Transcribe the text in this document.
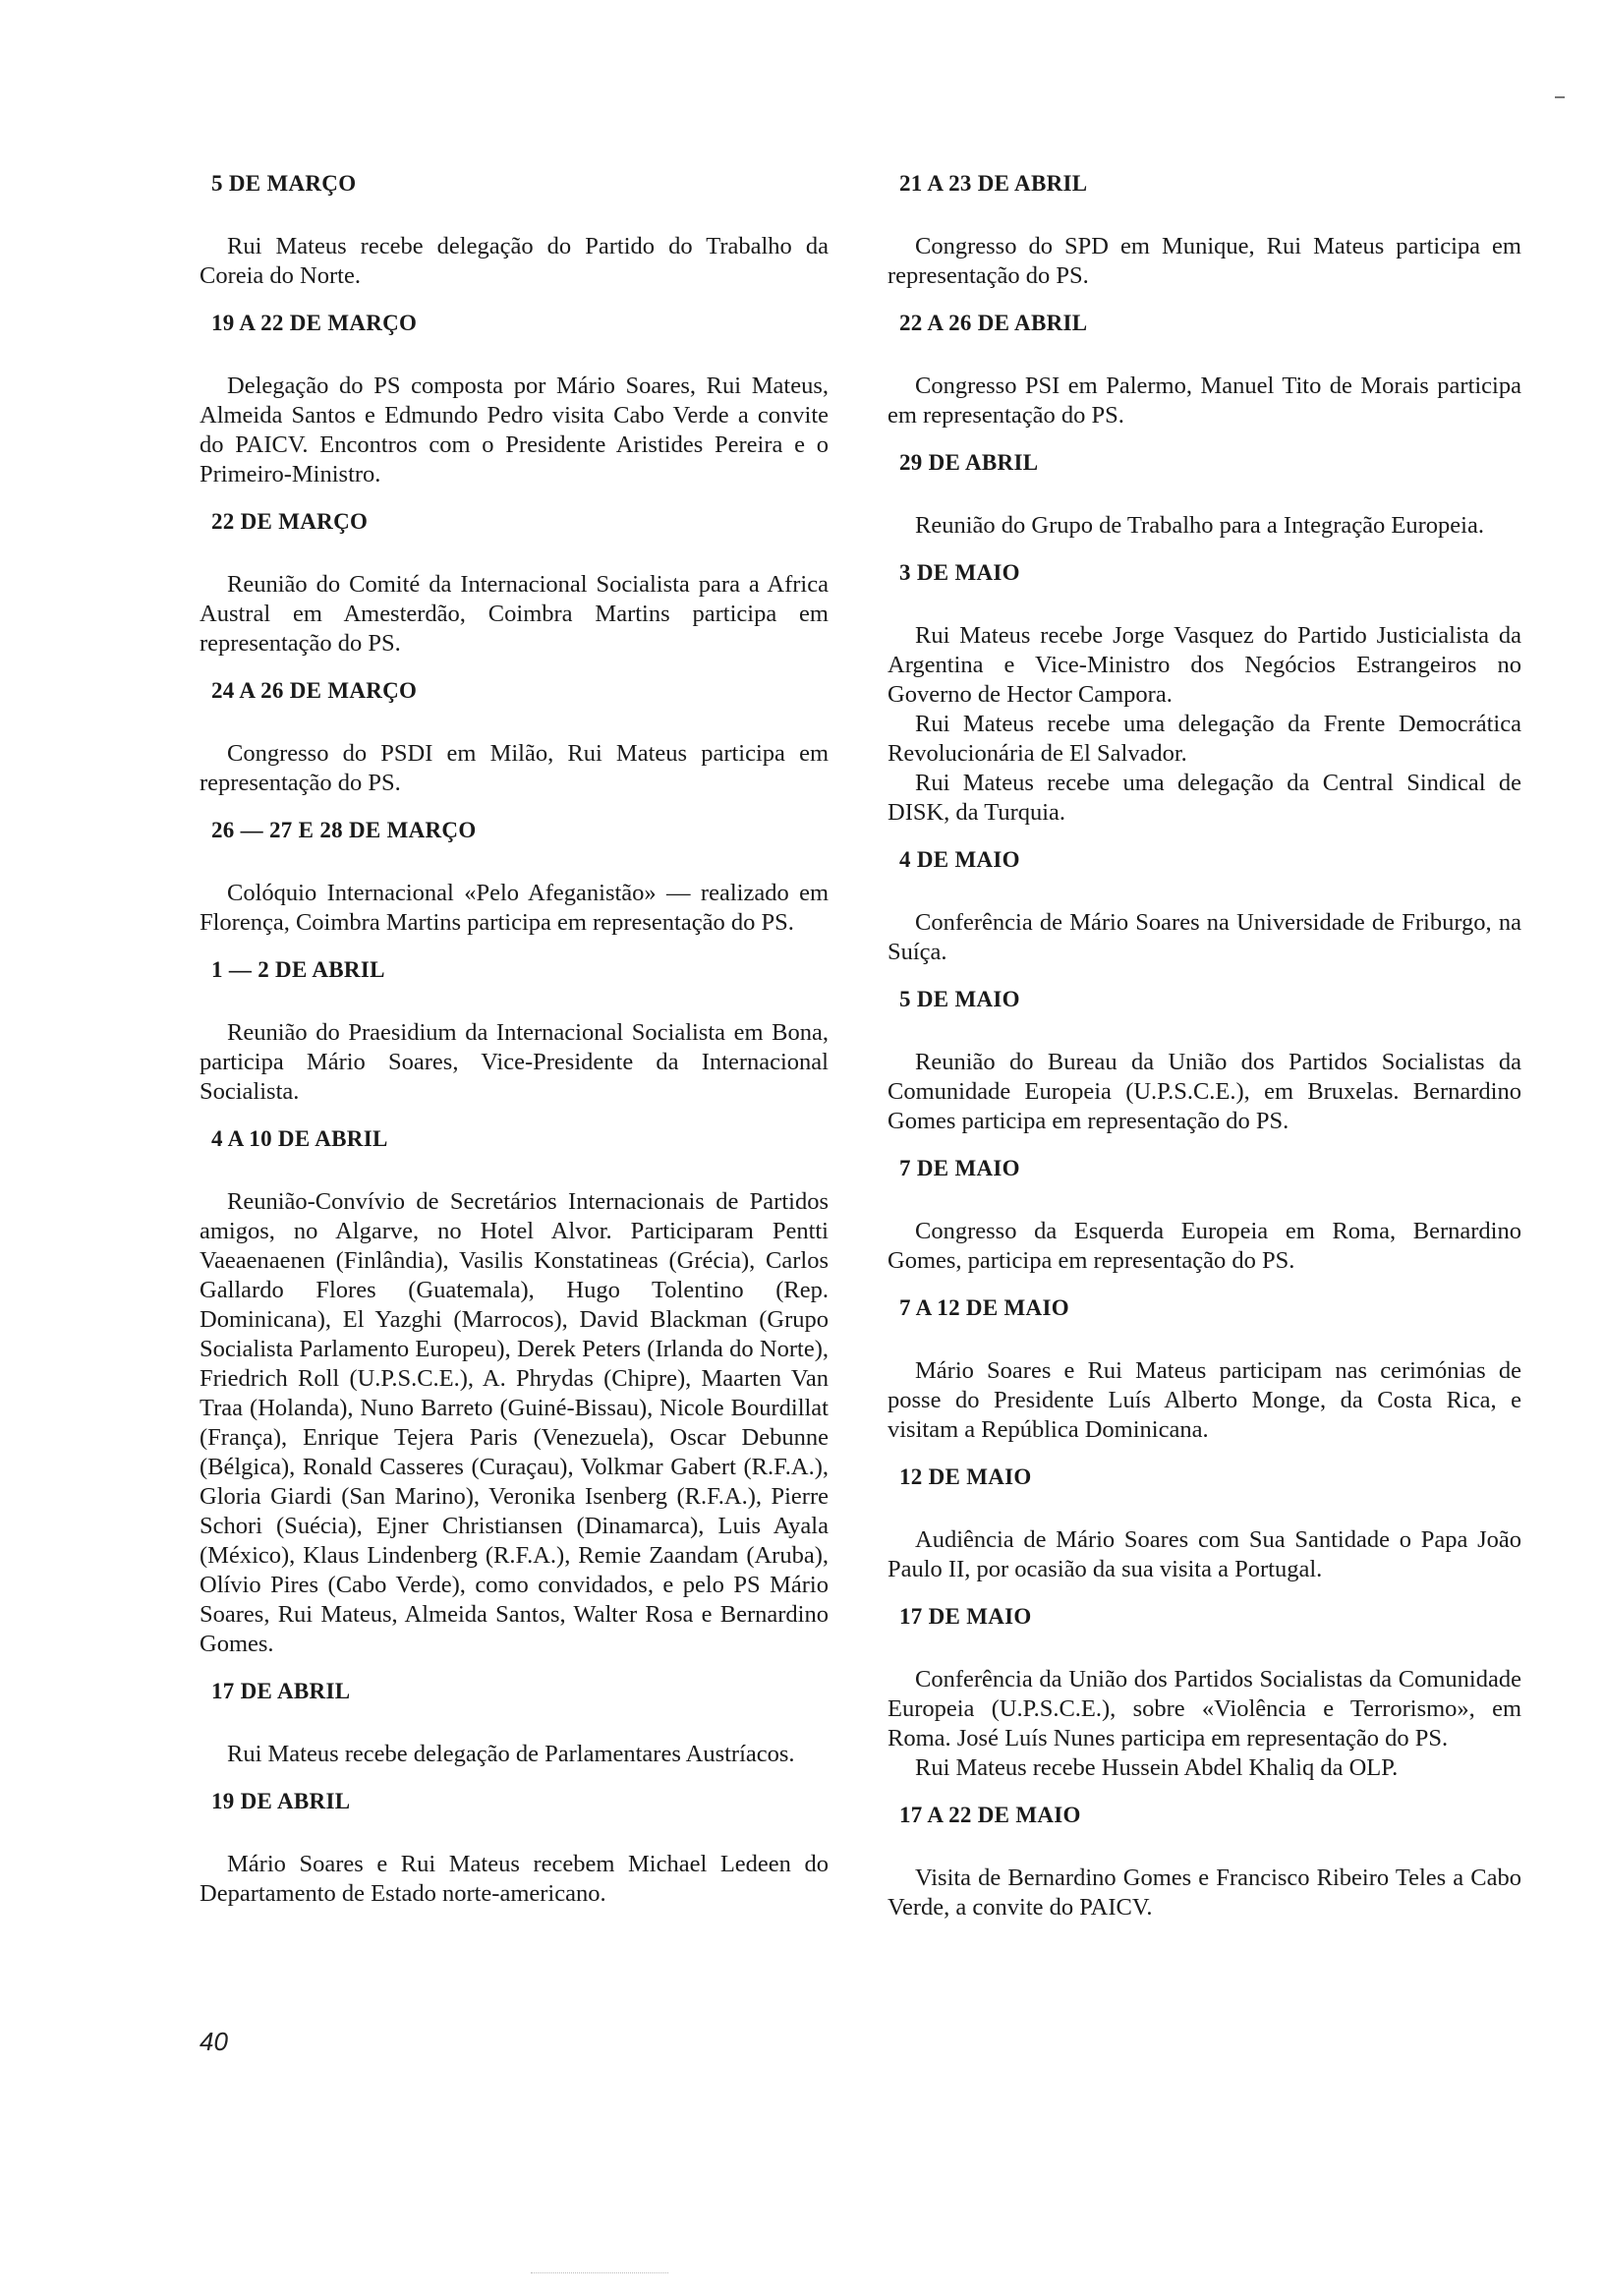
5 DE MARÇO

Rui Mateus recebe delegação do Partido do Trabalho da Coreia do Norte.

19 A 22 DE MARÇO

Delegação do PS composta por Mário Soares, Rui Mateus, Almeida Santos e Edmundo Pedro visita Cabo Verde a convite do PAICV. Encontros com o Presidente Aristides Pereira e o Primeiro-Ministro.

22 DE MARÇO

Reunião do Comité da Internacional Socialista para a Africa Austral em Amesterdão, Coimbra Martins participa em representação do PS.

24 A 26 DE MARÇO

Congresso do PSDI em Milão, Rui Mateus participa em representação do PS.

26 — 27 E 28 DE MARÇO

Colóquio Internacional «Pelo Afeganistão» — realizado em Florença, Coimbra Martins participa em representação do PS.

1 — 2 DE ABRIL

Reunião do Praesidium da Internacional Socialista em Bona, participa Mário Soares, Vice-Presidente da Internacional Socialista.

4 A 10 DE ABRIL

Reunião-Convívio de Secretários Internacionais de Partidos amigos, no Algarve, no Hotel Alvor. Participaram Pentti Vaeaenaenen (Finlândia), Vasilis Konstatineas (Grécia), Carlos Gallardo Flores (Guatemala), Hugo Tolentino (Rep. Dominicana), El Yazghi (Marrocos), David Blackman (Grupo Socialista Parlamento Europeu), Derek Peters (Irlanda do Norte), Friedrich Roll (U.P.S.C.E.), A. Phrydas (Chipre), Maarten Van Traa (Holanda), Nuno Barreto (Guiné-Bissau), Nicole Bourdillat (França), Enrique Tejera Paris (Venezuela), Oscar Debunne (Bélgica), Ronald Casseres (Curaçau), Volkmar Gabert (R.F.A.), Gloria Giardi (San Marino), Veronika Isenberg (R.F.A.), Pierre Schori (Suécia), Ejner Christiansen (Dinamarca), Luis Ayala (México), Klaus Lindenberg (R.F.A.), Remie Zaandam (Aruba), Olívio Pires (Cabo Verde), como convidados, e pelo PS Mário Soares, Rui Mateus, Almeida Santos, Walter Rosa e Bernardino Gomes.

17 DE ABRIL

Rui Mateus recebe delegação de Parlamentares Austríacos.

19 DE ABRIL

Mário Soares e Rui Mateus recebem Michael Ledeen do Departamento de Estado norte-americano.

21 A 23 DE ABRIL

Congresso do SPD em Munique, Rui Mateus participa em representação do PS.

22 A 26 DE ABRIL

Congresso PSI em Palermo, Manuel Tito de Morais participa em representação do PS.

29 DE ABRIL

Reunião do Grupo de Trabalho para a Integração Europeia.

3 DE MAIO

Rui Mateus recebe Jorge Vasquez do Partido Justicialista da Argentina e Vice-Ministro dos Negócios Estrangeiros no Governo de Hector Campora.

Rui Mateus recebe uma delegação da Frente Democrática Revolucionária de El Salvador.

Rui Mateus recebe uma delegação da Central Sindical de DISK, da Turquia.

4 DE MAIO

Conferência de Mário Soares na Universidade de Friburgo, na Suíça.

5 DE MAIO

Reunião do Bureau da União dos Partidos Socialistas da Comunidade Europeia (U.P.S.C.E.), em Bruxelas. Bernardino Gomes participa em representação do PS.

7 DE MAIO

Congresso da Esquerda Europeia em Roma, Bernardino Gomes, participa em representação do PS.

7 A 12 DE MAIO

Mário Soares e Rui Mateus participam nas cerimónias de posse do Presidente Luís Alberto Monge, da Costa Rica, e visitam a República Dominicana.

12 DE MAIO

Audiência de Mário Soares com Sua Santidade o Papa João Paulo II, por ocasião da sua visita a Portugal.

17 DE MAIO

Conferência da União dos Partidos Socialistas da Comunidade Europeia (U.P.S.C.E.), sobre «Violência e Terrorismo», em Roma. José Luís Nunes participa em representação do PS.

Rui Mateus recebe Hussein Abdel Khaliq da OLP.

17 A 22 DE MAIO

Visita de Bernardino Gomes e Francisco Ribeiro Teles a Cabo Verde, a convite do PAICV.

40
